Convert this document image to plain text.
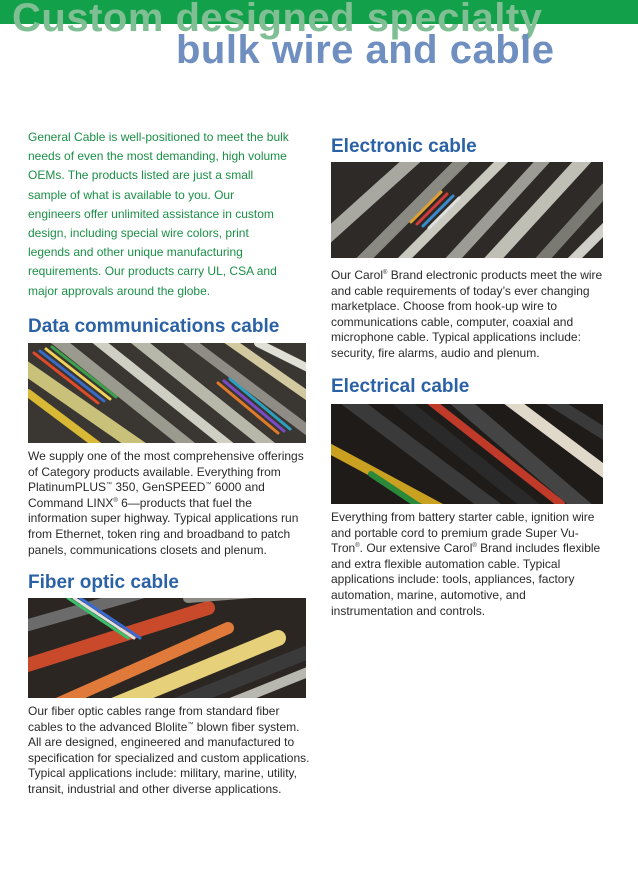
Custom designed specialty
bulk wire and cable

General Cable is well-positioned to meet the bulk needs of even the most demanding, high volume OEMs. The products listed are just a small sample of what is available to you. Our engineers offer unlimited assistance in custom design, including special wire colors, print legends and other unique manufacturing requirements. Our products carry UL, CSA and major approvals around the globe.

Data communications cable

We supply one of the most comprehensive offerings of Category products available. Everything from PlatinumPLUS™ 350, GenSPEED™ 6000 and Command LINX® 6—products that fuel the information super highway. Typical applications run from Ethernet, token ring and broadband to patch panels, communications closets and plenum.

Fiber optic cable

Our fiber optic cables range from standard fiber cables to the advanced Blolite™ blown fiber system. All are designed, engineered and manufactured to specification for specialized and custom applications. Typical applications include: military, marine, utility, transit, industrial and other diverse applications.

Electronic cable

Our Carol® Brand electronic products meet the wire and cable requirements of today’s ever changing marketplace. Choose from hook-up wire to communications cable, computer, coaxial and microphone cable. Typical applications include: security, fire alarms, audio and plenum.

Electrical cable

Everything from battery starter cable, ignition wire and portable cord to premium grade Super Vu-Tron®. Our extensive Carol® Brand includes flexible and extra flexible automation cable. Typical applications include: tools, appliances, factory automation, marine, automotive, and instrumentation and controls.
